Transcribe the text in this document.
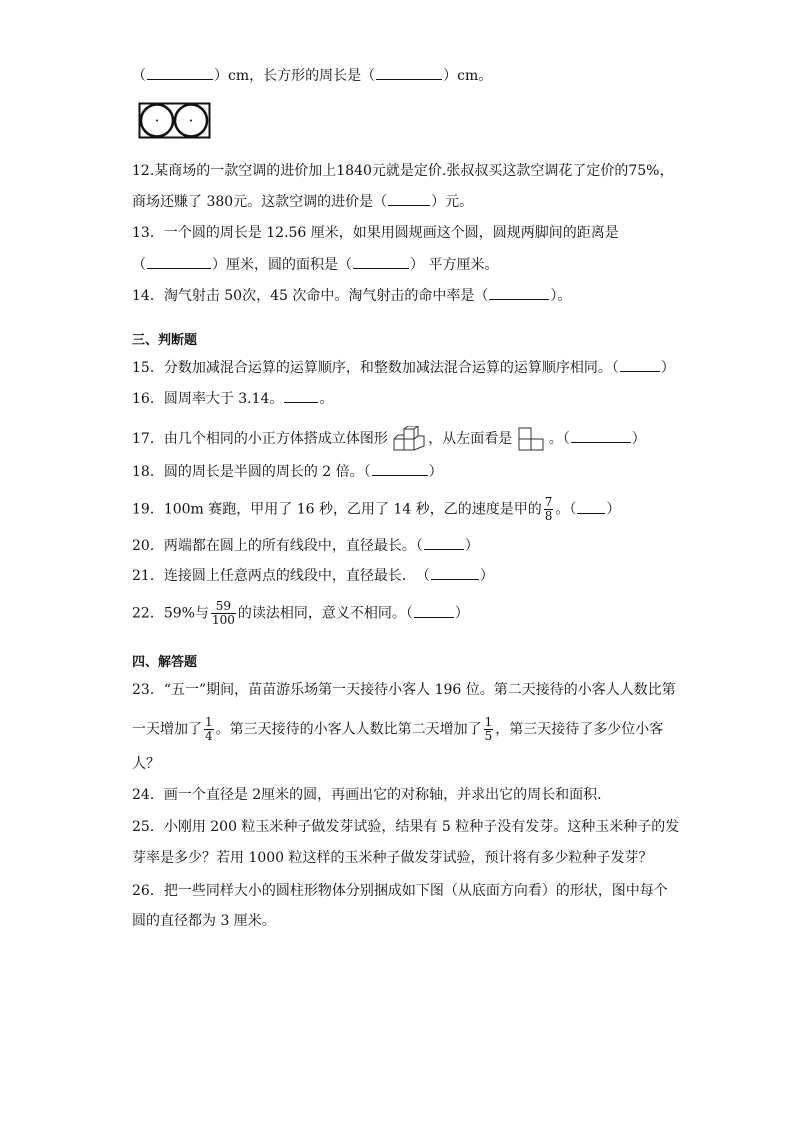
（	）cm，长方形的周长是（	）cm。
12.某商场的一款空调的进价加上1840元就是定价.张叔叔买这款空调花了定价的75%，
商场还赚了 380元。这款空调的进价是（	）元。
13．一个圆的周长是 12.56 厘米，如果用圆规画这个圆，圆规两脚间的距离是
（	）厘米，圆的面积是（	） 平方厘米。
14．淘气射击 50次，45 次命中。淘气射击的命中率是（	）。
三、判断题
15．分数加减混合运算的运算顺序，和整数加减法混合运算的运算顺序相同。（	）
16．圆周率大于 3.14。	。
17．由几个相同的小正方体搭成立体图形	，从左面看是	。（	）
18．圆的周长是半圆的周长的 2 倍。（	）
19．100m 赛跑，甲用了 16 秒，乙用了 14 秒，乙的速度是甲的 $\frac{7}{8}$ 。（ ）
20．两端都在圆上的所有线段中，直径最长。（	）
21．连接圆上任意两点的线段中，直径最长．　（	）
22．59%与 $\frac{59}{100}$ 的读法相同，意义不相同。（	）
四、解答题
23．“五一”期间，苗苗游乐场第一天接待小客人 196 位。第二天接待的小客人人数比第
一天增加了 $\frac{1}{4}$ 。第三天接待的小客人人数比第二天增加了 $\frac{1}{5}$ ，第三天接待了多少位小客
人？
24．画一个直径是 2厘米的圆，再画出它的对称轴，并求出它的周长和面积．
25．小刚用 200 粒玉米种子做发芽试验，结果有 5 粒种子没有发芽。这种玉米种子的发
芽率是多少？若用 1000 粒这样的玉米种子做发芽试验，预计将有多少粒种子发芽？
26．把一些同样大小的圆柱形物体分别捆成如下图（从底面方向看）的形状，图中每个
圆的直径都为 3 厘米。
